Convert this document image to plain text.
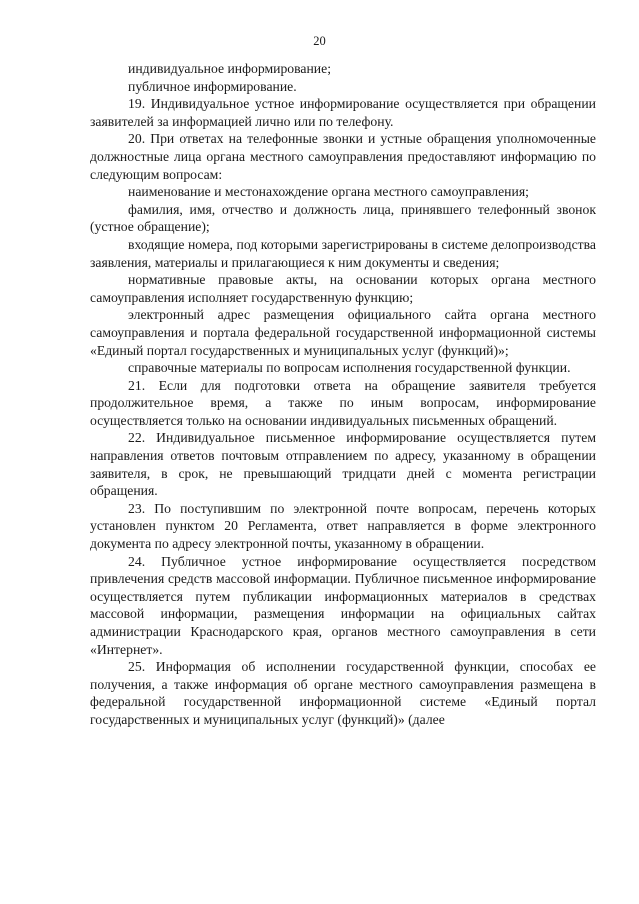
20

индивидуальное информирование;

публичное информирование.

19. Индивидуальное устное информирование осуществляется при обращении заявителей за информацией лично или по телефону.

20. При ответах на телефонные звонки и устные обращения уполномоченные должностные лица органа местного самоуправления предоставляют информацию по следующим вопросам:

наименование и местонахождение органа местного самоуправления;

фамилия, имя, отчество и должность лица, принявшего телефонный звонок (устное обращение);

входящие номера, под которыми зарегистрированы в системе делопроизводства заявления, материалы и прилагающиеся к ним документы и сведения;

нормативные правовые акты, на основании которых органа местного самоуправления исполняет государственную функцию;

электронный адрес размещения официального сайта органа местного самоуправления и портала федеральной государственной информационной системы «Единый портал государственных и муниципальных услуг (функций)»;

справочные материалы по вопросам исполнения государственной функции.

21. Если для подготовки ответа на обращение заявителя требуется продолжительное время, а также по иным вопросам, информирование осуществляется только на основании индивидуальных письменных обращений.

22. Индивидуальное письменное информирование осуществляется путем направления ответов почтовым отправлением по адресу, указанному в обращении заявителя, в срок, не превышающий тридцати дней с момента регистрации обращения.

23. По поступившим по электронной почте вопросам, перечень которых установлен пунктом 20 Регламента, ответ направляется в форме электронного документа по адресу электронной почты, указанному в обращении.

24. Публичное устное информирование осуществляется посредством привлечения средств массовой информации. Публичное письменное информирование осуществляется путем публикации информационных материалов в средствах массовой информации, размещения информации на официальных сайтах администрации Краснодарского края, органов местного самоуправления в сети «Интернет».

25. Информация об исполнении государственной функции, способах ее получения, а также информация об органе местного самоуправления размещена в федеральной государственной информационной системе «Единый портал государственных и муниципальных услуг (функций)» (далее
